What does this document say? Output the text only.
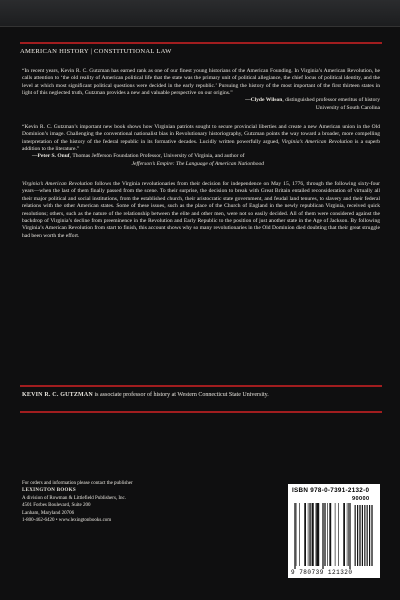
AMERICAN HISTORY | CONSTITUTIONAL LAW
“In recent years, Kevin R. C. Gutzman has earned rank as one of our finest young historians of the American Founding. In Virginia’s American Revolution, he calls attention to ‘the old reality of American political life that the state was the primary unit of political allegiance, the chief locus of political identity, and the level at which most significant political questions were decided in the early republic.’ Pursuing the history of the most important of the first thirteen states in light of this neglected truth, Gutzman provides a new and valuable perspective on our origins.”
—Clyde Wilson, distinguished professor emeritus of history
University of South Carolina
“Kevin R. C. Gutzman’s important new book shows how Virginian patriots sought to secure provincial liberties and create a new American union in the Old Dominion’s image. Challenging the conventional nationalist bias in Revolutionary historiography, Gutzman points the way toward a broader, more compelling interpretation of the history of the federal republic in its formative decades. Lucidly written powerfully argued, Virginia’s American Revolution is a superb addition to the literature.”
—Peter S. Onuf, Thomas Jefferson Foundation Professor, University of Virginia, and author of
Jefferson’s Empire: The Language of American Nationhood
Virginia’s American Revolution follows the Virginia revolutionaries from their decision for independence on May 15, 1776, through the following sixty-four years—when the last of them finally passed from the scene. To their surprise, the decision to break with Great Britain entailed reconsideration of virtually all their major political and social institutions, from the established church, their aristocratic state government, and feudal land tenures, to slavery and their federal relations with the other American states. Some of these issues, such as the place of the Church of England in the newly republican Virginia, received quick resolutions; others, such as the nature of the relationship between the elite and other men, were not so easily decided. All of them were considered against the backdrop of Virginia’s decline from preeminence in the Revolution and Early Republic to the position of just another state in the Age of Jackson. By following Virginia’s American Revolution from start to finish, this account shows why so many revolutionaries in the Old Dominion died doubting that their great struggle had been worth the effort.
KEVIN R. C. GUTZMAN is associate professor of history at Western Connecticut State University.
For orders and information please contact the publisher
LEXINGTON BOOKS
A division of Rowman & Littlefield Publishers, Inc.
4501 Forbes Boulevard, Suite 200
Lanham, Maryland 20706
1-800-462-6420 • www.lexingtonbooks.com
ISBN 978-0-7391-2132-0
90000
9 780739 121320
